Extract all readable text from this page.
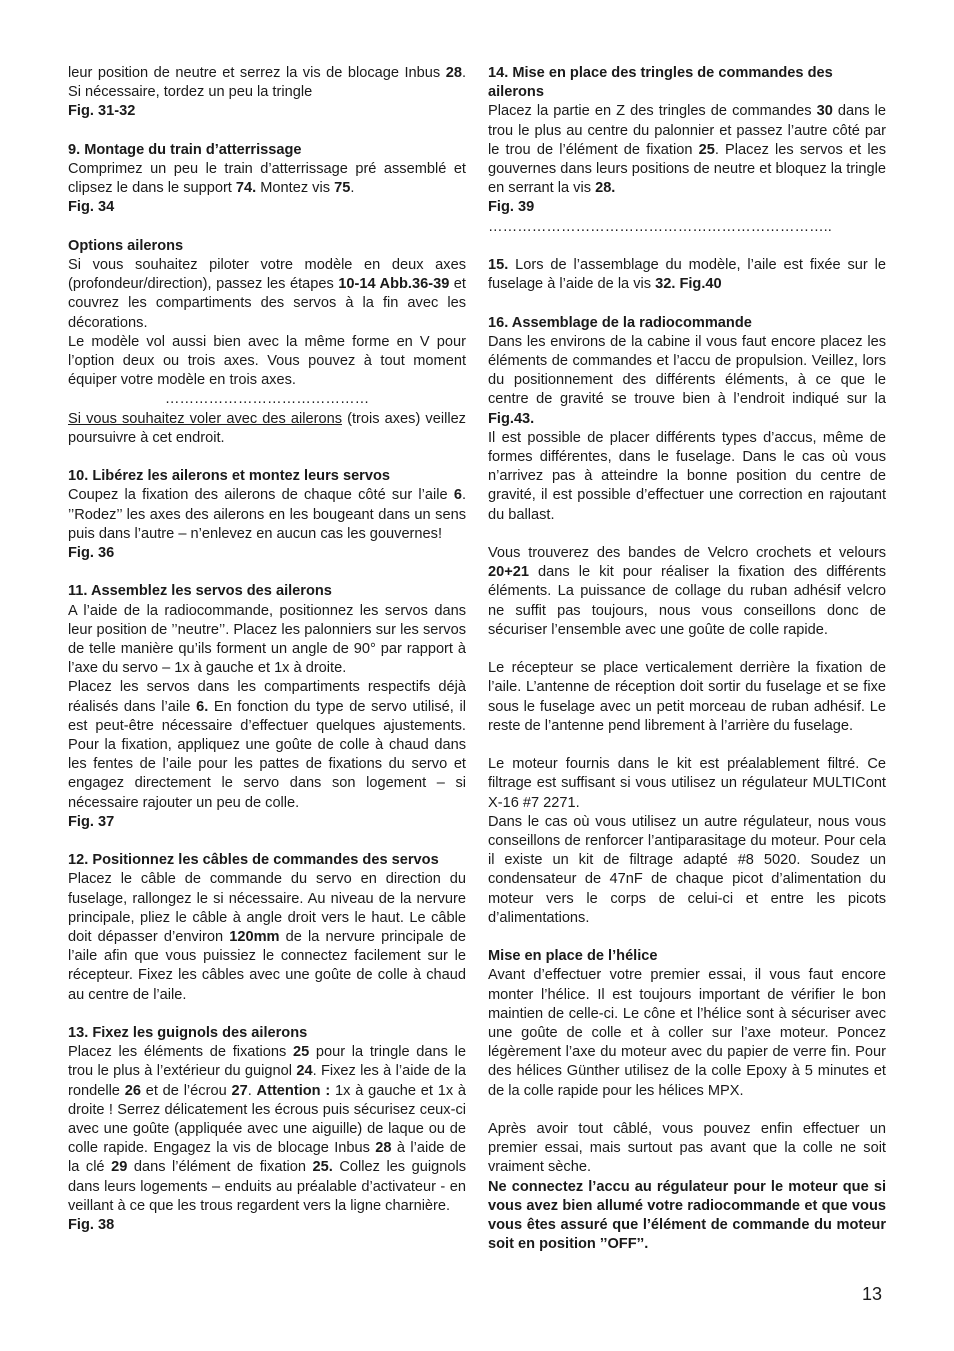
leur position de neutre et serrez la vis de blocage Inbus 28. Si nécessaire, tordez un peu la tringle

Fig. 31-32

9. Montage du train d’atterrissage

Comprimez un peu le train d’atterrissage pré assemblé et clipsez le dans le support 74. Montez vis 75.

Fig. 34

Options ailerons

Si vous souhaitez piloter votre modèle en deux axes (profondeur/direction), passez les étapes 10-14 Abb.36-39 et couvrez les compartiments des servos à la fin avec les décorations.

Le modèle vol aussi bien avec la même forme en V pour l’option deux ou trois axes. Vous pouvez à tout moment équiper votre modèle en trois axes.

……………………………………

Si vous souhaitez voler avec des ailerons (trois axes) veillez poursuivre à cet endroit.

10. Libérez les ailerons et montez leurs servos

Coupez la fixation des ailerons de chaque côté sur l’aile 6. ’’Rodez’’ les axes des ailerons en les bougeant dans un sens puis dans l’autre – n’enlevez en aucun cas les gouvernes!

Fig. 36

11. Assemblez les servos des ailerons

A l’aide de la radiocommande, positionnez les servos dans leur position de ’’neutre’’. Placez les palonniers sur les servos de telle manière qu’ils forment un angle de 90° par rapport à l’axe du servo – 1x à gauche et 1x à droite.

Placez les servos dans les compartiments respectifs déjà réalisés dans l’aile 6. En fonction du type de servo utilisé, il est peut-être nécessaire d’effectuer quelques ajustements. Pour la fixation, appliquez une goûte de colle à chaud dans les fentes de l’aile pour les pattes de fixations du servo et engagez directement le servo dans son logement – si nécessaire rajouter un peu de colle.

Fig. 37

12. Positionnez les câbles de commandes des servos

Placez le câble de commande du servo en direction du fuselage, rallongez le si nécessaire. Au niveau de la nervure principale, pliez le câble à angle droit vers le haut. Le câble doit dépasser d’environ 120mm de la nervure principale de l’aile afin que vous puissiez le connectez facilement sur le récepteur. Fixez les câbles avec une goûte de colle à chaud au centre de l’aile.

13. Fixez les guignols des ailerons

Placez les éléments de fixations 25 pour la tringle dans le trou le plus à l’extérieur du guignol 24. Fixez les à l’aide de la rondelle 26 et de l’écrou 27. Attention : 1x à gauche et 1x à droite ! Serrez délicatement les écrous puis sécurisez ceux-ci avec une goûte (appliquée avec une aiguille) de laque ou de colle rapide. Engagez la vis de blocage Inbus 28 à l’aide de la clé 29 dans l’élément de fixation 25. Collez les guignols dans leurs logements – enduits au préalable d’activateur - en veillant à ce que les trous regardent vers la ligne charnière.

Fig. 38

14. Mise en place des tringles de commandes des ailerons

Placez la partie en Z des tringles de commandes 30 dans le trou le plus au centre du palonnier et passez l’autre côté par le trou de l’élément de fixation 25. Placez les servos et les gouvernes dans leurs positions de neutre et bloquez la tringle en serrant la vis 28.

Fig. 39

……………………………………………………………..

15. Lors de l’assemblage du modèle, l’aile est fixée sur le fuselage à l’aide de la vis 32. Fig.40

16. Assemblage de la radiocommande

Dans les environs de la cabine il vous faut encore placez les éléments de commandes et l’accu de propulsion. Veillez, lors du positionnement des différents éléments, à ce que le centre de gravité se trouve bien à l’endroit indiqué sur la Fig.43.

Il est possible de placer différents types d’accus, même de formes différentes, dans le fuselage. Dans le cas où vous n’arrivez pas à atteindre la bonne position du centre de gravité, il est possible d’effectuer une correction en rajoutant du ballast.

Vous trouverez des bandes de Velcro crochets et velours 20+21 dans le kit pour réaliser la fixation des différents éléments. La puissance de collage du ruban adhésif velcro ne suffit pas toujours, nous vous conseillons donc de sécuriser l’ensemble avec une goûte de colle rapide.

Le récepteur se place verticalement derrière la fixation de l’aile. L’antenne de réception doit sortir du fuselage et se fixe sous le fuselage avec un petit morceau de ruban adhésif. Le reste de l’antenne pend librement à l’arrière du fuselage.

Le moteur fournis dans le kit est préalablement filtré. Ce filtrage est suffisant si vous utilisez un régulateur MULTICont X-16 #7 2271.

Dans le cas où vous utilisez un autre régulateur, nous vous conseillons de renforcer l’antiparasitage du moteur. Pour cela il existe un kit de filtrage adapté #8 5020. Soudez un condensateur de 47nF de chaque picot d’alimentation du moteur vers le corps de celui-ci et entre les picots d’alimentations.

Mise en place de l’hélice

Avant d’effectuer votre premier essai, il vous faut encore monter l’hélice. Il est toujours important de vérifier le bon maintien de celle-ci. Le cône et l’hélice sont à sécuriser avec une goûte de colle et à coller sur l’axe moteur. Poncez légèrement l’axe du moteur avec du papier de verre fin. Pour des hélices Günther utilisez de la colle Epoxy à 5 minutes et de la colle rapide pour les hélices MPX.

Après avoir tout câblé, vous pouvez enfin effectuer un premier essai, mais surtout pas avant que la colle ne soit vraiment sèche.

Ne connectez l’accu au régulateur pour le moteur que si vous avez bien allumé votre radiocommande et que vous vous êtes assuré que l’élément de commande du moteur soit en position ’’OFF’’.

13
